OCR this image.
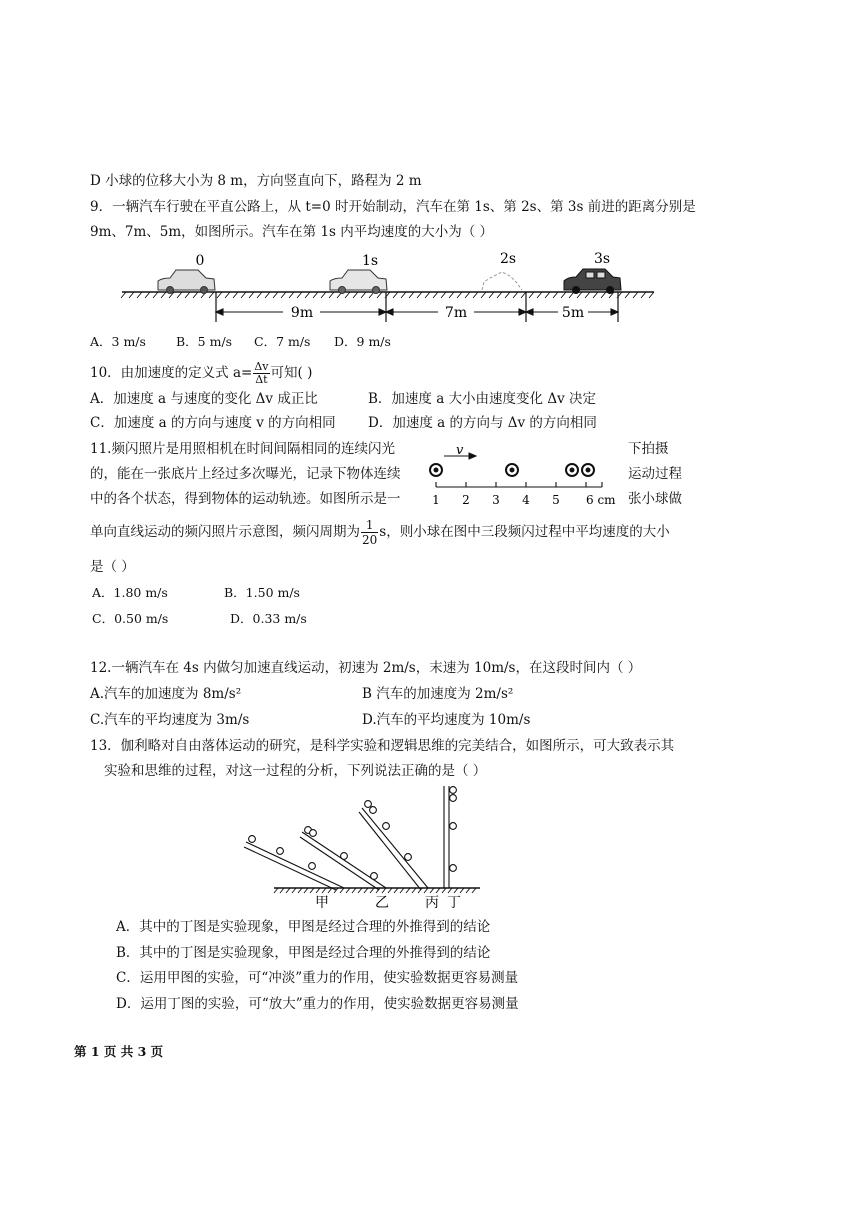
D 小球的位移大小为 8 m，方向竖直向下，路程为 2 m
9．一辆汽车行驶在平直公路上，从 t=0 时开始制动，汽车在第 1s、第 2s、第 3s 前进的距离分别是
9m、7m、5m，如图所示。汽车在第 1s 内平均速度的大小为（ ）
0	1s	2s	3s
9m	7m	5m
A．3 m/s B．5 m/s C．7 m/s D．9 m/s
10．由加速度的定义式 $a= \frac{\Delta v}{\Delta t}$ 可知( )
A．加速度 a 与速度的变化 Δv 成正比	B．加速度 a 大小由速度变化 Δv 决定
C．加速度 a 的方向与速度 v 的方向相同 D．加速度 a 的方向与 Δv 的方向相同
11.频闪照片是用照相机在时间间隔相同的连续闪光	下拍摄
的，能在一张底片上经过多次曝光，记录下物体连续	运动过程
中的各个状态，得到物体的运动轨迹。如图所示是一	张小球做
v
1 2 3 4 5 6 cm
单向直线运动的频闪照片示意图，频闪周期为 $\frac{1}{20}$ s，则小球在图中三段频闪过程中平均速度的大小
是（ ）
A．1.80 m/s	B．1.50 m/s
C．0.50 m/s	D．0.33 m/s
12.一辆汽车在 4s 内做匀加速直线运动，初速为 2m/s，末速为 10m/s，在这段时间内（ ）
A.汽车的加速度为 8m/s²	B 汽车的加速度为 2m/s²
C.汽车的平均速度为 3m/s	D.汽车的平均速度为 10m/s
13．伽利略对自由落体运动的研究，是科学实验和逻辑思维的完美结合，如图所示，可大致表示其
实验和思维的过程，对这一过程的分析，下列说法正确的是（ ）
甲	乙	丙 丁
A．其中的丁图是实验现象，甲图是经过合理的外推得到的结论
B．其中的丁图是实验现象，甲图是经过合理的外推得到的结论
C．运用甲图的实验，可“冲淡”重力的作用，使实验数据更容易测量
D．运用丁图的实验，可“放大”重力的作用，使实验数据更容易测量
第 1 页 共 3 页
